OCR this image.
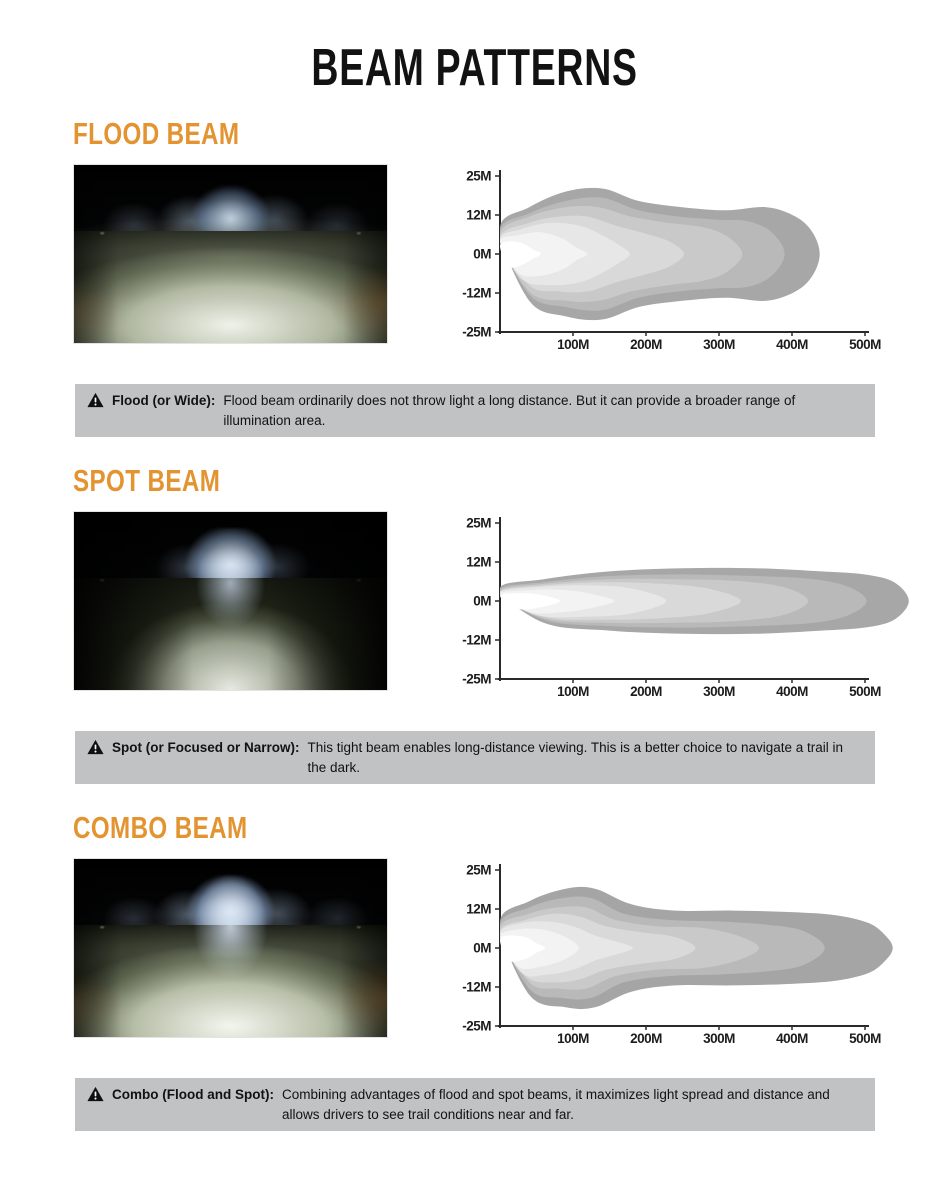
BEAM PATTERNS
FLOOD BEAM
25M
12M
0M
-12M
-25M
100M	200M	300M	400M	500M
Flood (or Wide): Flood beam ordinarily does not throw light a long distance. But it can provide a broader range of illumination area.
SPOT BEAM
25M
12M
0M
-12M
-25M
100M	200M	300M	400M	500M
Spot (or Focused or Narrow): This tight beam enables long-distance viewing. This is a better choice to navigate a trail in the dark.
COMBO BEAM
25M
12M
0M
-12M
-25M
100M	200M	300M	400M	500M
Combo (Flood and Spot): Combining advantages of flood and spot beams, it maximizes light spread and distance and allows drivers to see trail conditions near and far.
